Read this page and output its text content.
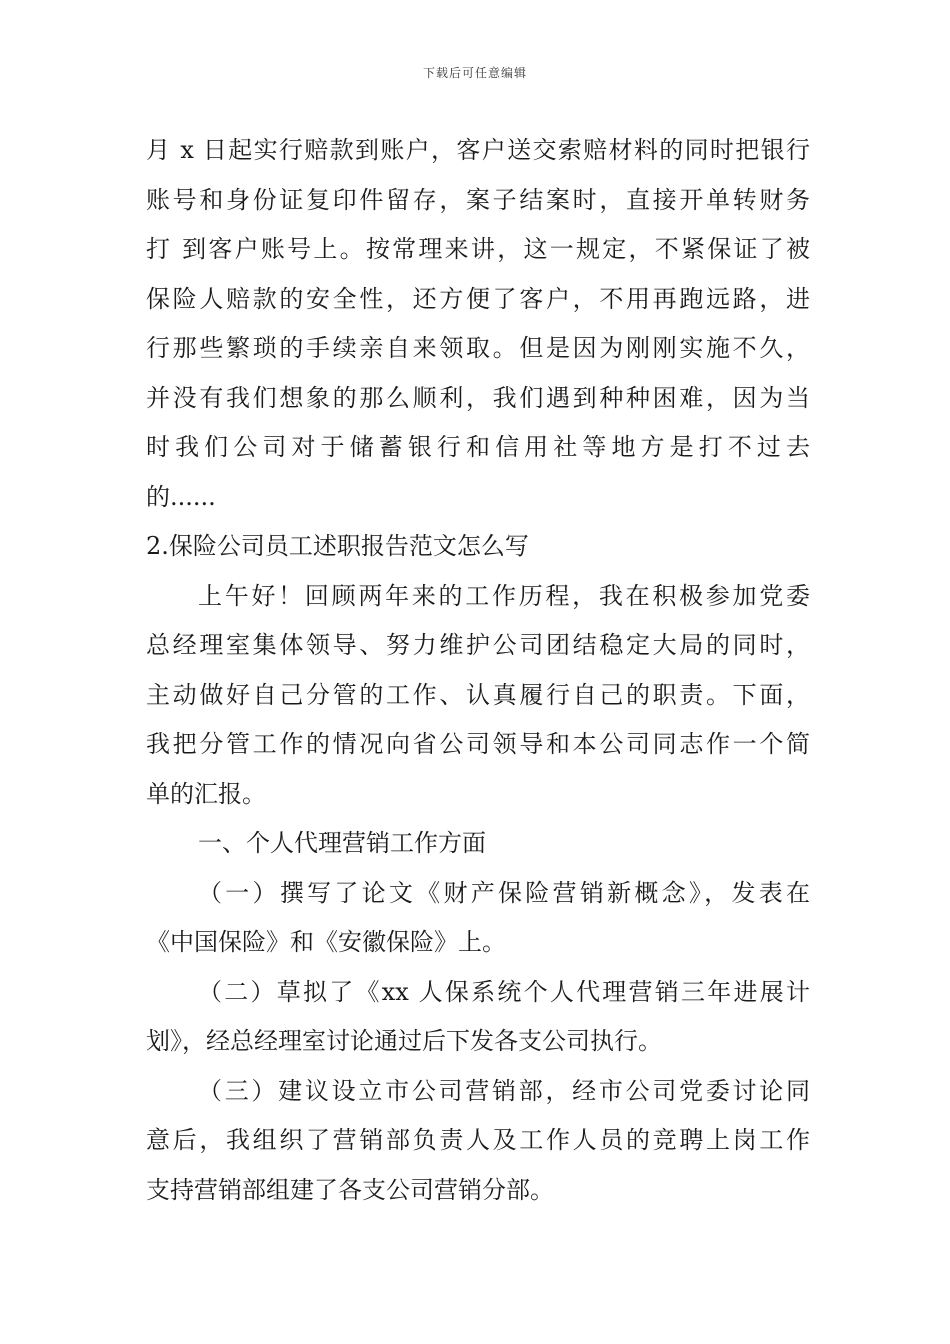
下载后可任意编辑
月 x 日起实行赔款到账户，客户送交索赔材料的同时把银行
账号和身份证复印件留存，案子结案时，直接开单转财务
打 到客户账号上。按常理来讲，这一规定，不紧保证了被
保险人赔款的安全性，还方便了客户，不用再跑远路，进
行那些繁琐的手续亲自来领取。但是因为刚刚实施不久，
并没有我们想象的那么顺利，我们遇到种种困难，因为当
时我们公司对于储蓄银行和信用社等地方是打不过去
的......
2.保险公司员工述职报告范文怎么写
上午好！回顾两年来的工作历程，我在积极参加党委
总经理室集体领导、努力维护公司团结稳定大局的同时，
主动做好自己分管的工作、认真履行自己的职责。下面，
我把分管工作的情况向省公司领导和本公司同志作一个简
单的汇报。
一、个人代理营销工作方面
（一）撰写了论文《财产保险营销新概念》，发表在
《中国保险》和《安徽保险》上。
（二）草拟了《xx 人保系统个人代理营销三年进展计
划》，经总经理室讨论通过后下发各支公司执行。
（三）建议设立市公司营销部，经市公司党委讨论同
意后，我组织了营销部负责人及工作人员的竞聘上岗工作
支持营销部组建了各支公司营销分部。
